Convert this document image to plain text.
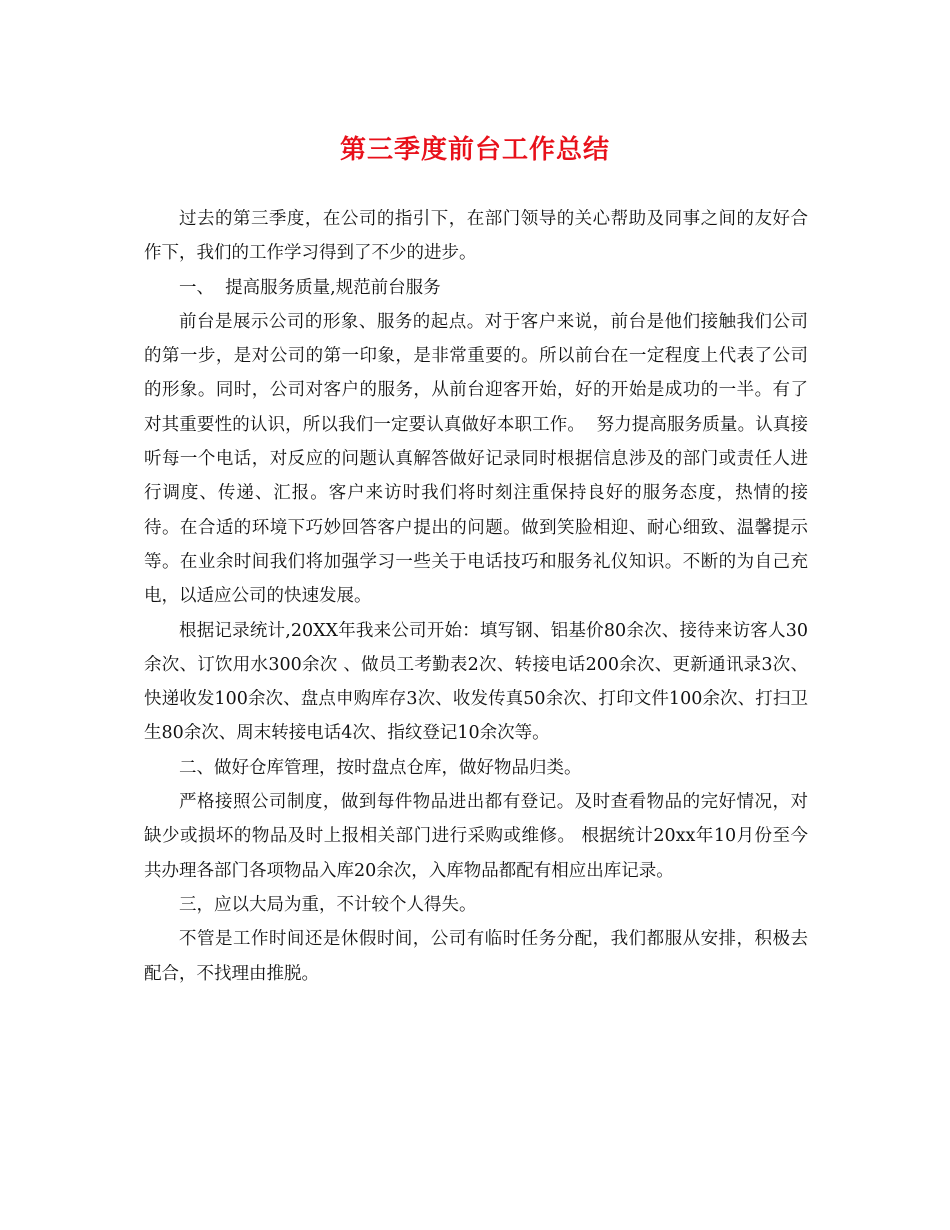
第三季度前台工作总结

过去的第三季度，在公司的指引下，在部门领导的关心帮助及同事之间的友好合作下，我们的工作学习得到了不少的进步。

一、  提高服务质量,规范前台服务

前台是展示公司的形象、服务的起点。对于客户来说，前台是他们接触我们公司的第一步，是对公司的第一印象，是非常重要的。所以前台在一定程度上代表了公司的形象。同时，公司对客户的服务，从前台迎客开始，好的开始是成功的一半。有了对其重要性的认识，所以我们一定要认真做好本职工作。  努力提高服务质量。认真接听每一个电话，对反应的问题认真解答做好记录同时根据信息涉及的部门或责任人进行调度、传递、汇报。客户来访时我们将时刻注重保持良好的服务态度，热情的接待。在合适的环境下巧妙回答客户提出的问题。做到笑脸相迎、耐心细致、温馨提示等。在业余时间我们将加强学习一些关于电话技巧和服务礼仪知识。不断的为自己充电，以适应公司的快速发展。

根据记录统计,20XX年我来公司开始：填写钢、铝基价80余次、接待来访客人30余次、订饮用水300余次 、做员工考勤表2次、转接电话200余次、更新通讯录3次、快递收发100余次、盘点申购库存3次、收发传真50余次、打印文件100余次、打扫卫生80余次、周末转接电话4次、指纹登记10余次等。

二、做好仓库管理，按时盘点仓库，做好物品归类。

严格接照公司制度，做到每件物品进出都有登记。及时查看物品的完好情况，对缺少或损坏的物品及时上报相关部门进行采购或维修。 根据统计20xx年10月份至今共办理各部门各项物品入库20余次，入库物品都配有相应出库记录。

三，应以大局为重，不计较个人得失。

不管是工作时间还是休假时间，公司有临时任务分配，我们都服从安排，积极去配合，不找理由推脱。
